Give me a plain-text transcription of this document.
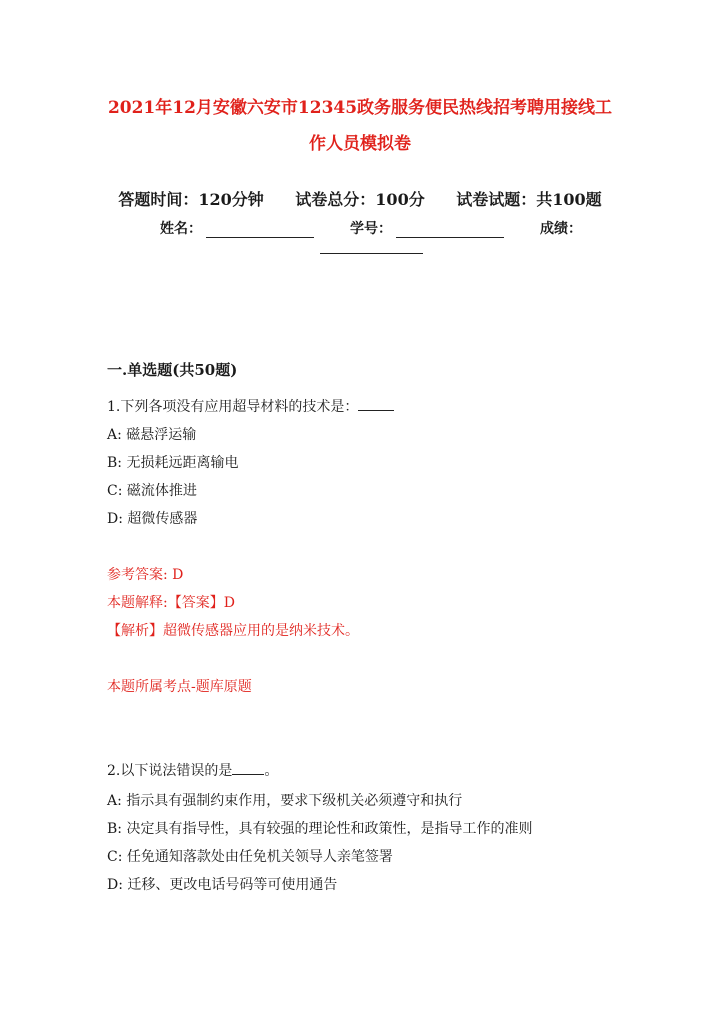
2021年12月安徽六安市12345政务服务便民热线招考聘用接线工
作人员模拟卷
答题时间：120分钟 试卷总分：100分 试卷试题：共100题
姓名：	学号：	成绩：
一.单选题(共50题)
1.下列各项没有应用超导材料的技术是：
A: 磁悬浮运输
B: 无损耗远距离输电
C: 磁流体推进
D: 超微传感器
参考答案: D
本题解释:【答案】D
【解析】超微传感器应用的是纳米技术。
本题所属考点-题库原题
2.以下说法错误的是 。
A: 指示具有强制约束作用，要求下级机关必须遵守和执行
B: 决定具有指导性，具有较强的理论性和政策性，是指导工作的准则
C: 任免通知落款处由任免机关领导人亲笔签署
D: 迁移、更改电话号码等可使用通告
